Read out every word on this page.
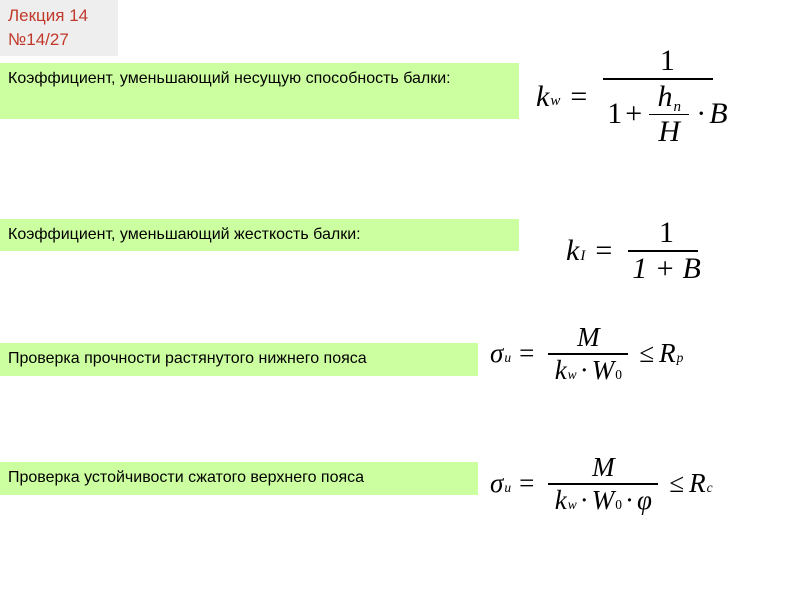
Лекция 14
№14/27
Коэффициент, уменьшающий несущую способность балки:
Коэффициент, уменьшающий жесткость балки:
Проверка прочности растянутого нижнего пояса
Проверка устойчивости сжатого верхнего пояса
k w =
1
$1 + \frac{hn}{H} \cdot B$
k $I = \frac{1}{1 + B}$
σ $u = \frac{M}{\text{k w · W 0}} \le R$ p
σ $u = \frac{M}{\text{k w · W 0 · φ}} \le R$ c
